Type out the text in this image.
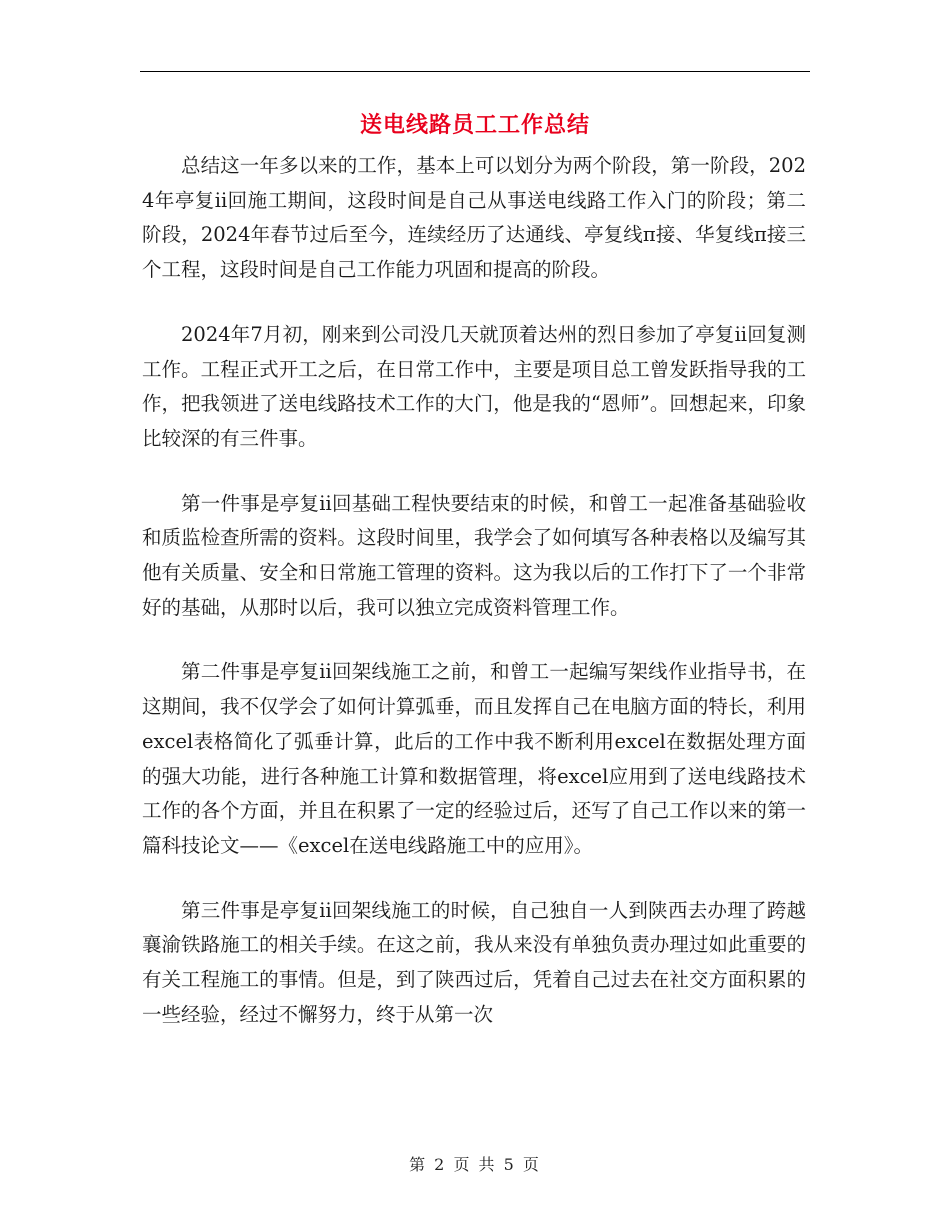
送电线路员工工作总结

总结这一年多以来的工作，基本上可以划分为两个阶段，第一阶段，2024年亭复ii回施工期间，这段时间是自己从事送电线路工作入门的阶段；第二阶段，2024年春节过后至今，连续经历了达通线、亭复线π接、华复线π接三个工程，这段时间是自己工作能力巩固和提高的阶段。

2024年7月初，刚来到公司没几天就顶着达州的烈日参加了亭复ii回复测工作。工程正式开工之后，在日常工作中，主要是项目总工曾发跃指导我的工作，把我领进了送电线路技术工作的大门，他是我的“恩师”。回想起来，印象比较深的有三件事。

第一件事是亭复ii回基础工程快要结束的时候，和曾工一起准备基础验收和质监检查所需的资料。这段时间里，我学会了如何填写各种表格以及编写其他有关质量、安全和日常施工管理的资料。这为我以后的工作打下了一个非常好的基础，从那时以后，我可以独立完成资料管理工作。

第二件事是亭复ii回架线施工之前，和曾工一起编写架线作业指导书，在这期间，我不仅学会了如何计算弧垂，而且发挥自己在电脑方面的特长，利用excel表格简化了弧垂计算，此后的工作中我不断利用excel在数据处理方面的强大功能，进行各种施工计算和数据管理，将excel应用到了送电线路技术工作的各个方面，并且在积累了一定的经验过后，还写了自己工作以来的第一篇科技论文——《excel在送电线路施工中的应用》。

第三件事是亭复ii回架线施工的时候，自己独自一人到陕西去办理了跨越襄渝铁路施工的相关手续。在这之前，我从来没有单独负责办理过如此重要的有关工程施工的事情。但是，到了陕西过后，凭着自己过去在社交方面积累的一些经验，经过不懈努力，终于从第一次

第 2 页 共 5 页
